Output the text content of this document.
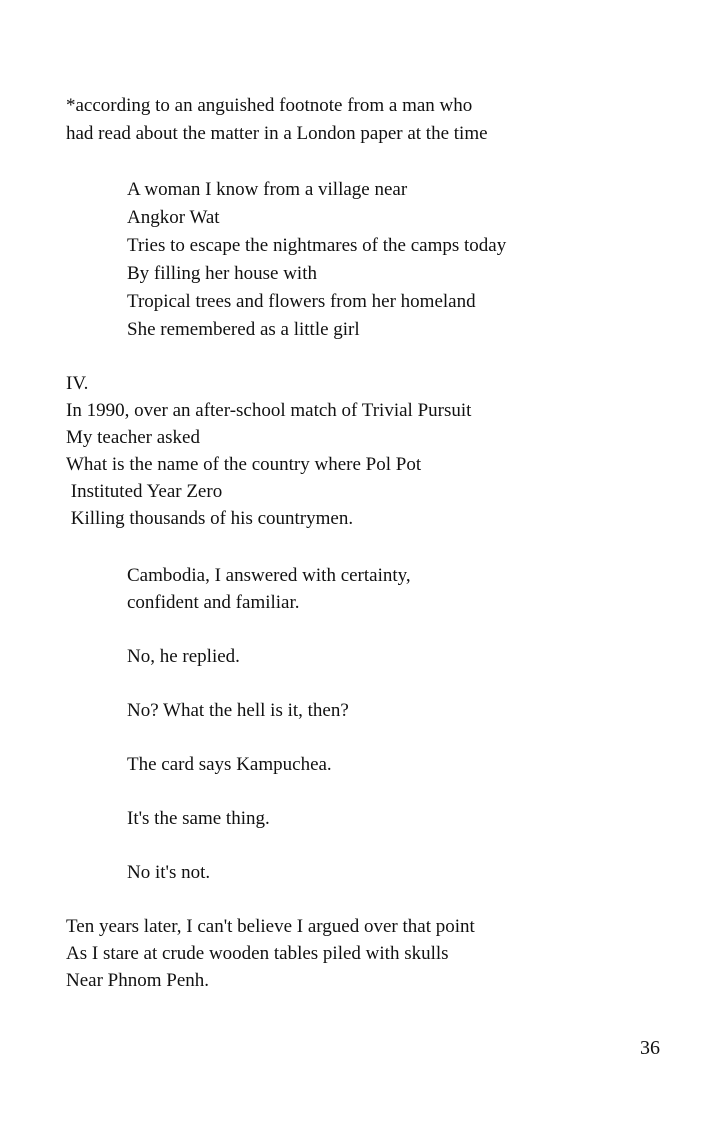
*according to an anguished footnote from a man who
had read about the matter in a London paper at the time
A woman I know from a village near
Angkor Wat
Tries to escape the nightmares of the camps today
By filling her house with
Tropical trees and flowers from her homeland
She remembered as a little girl
IV.
In 1990, over an after-school match of Trivial Pursuit
My teacher asked
What is the name of the country where Pol Pot
Instituted Year Zero
Killing thousands of his countrymen.
Cambodia, I answered with certainty,
confident and familiar.
No, he replied.
No? What the hell is it, then?
The card says Kampuchea.
It's the same thing.
No it's not.
Ten years later, I can't believe I argued over that point
As I stare at crude wooden tables piled with skulls
Near Phnom Penh.
36
